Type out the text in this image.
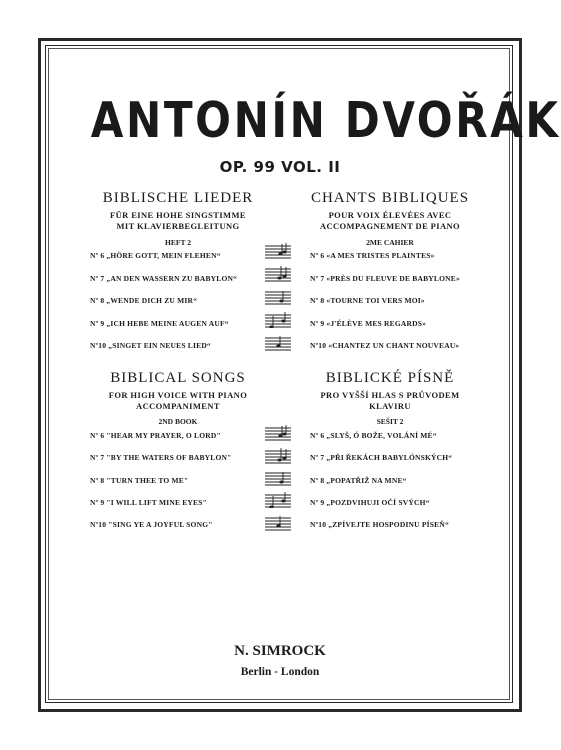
ANTONÍN DVOŘÁK
OP. 99 VOL. II
BIBLISCHE LIEDER
FÜR EINE HOHE SINGSTIMME
MIT KLAVIERBEGLEITUNG
HEFT 2
Nº 6 „HÖRE GOTT, MEIN FLEHEN“
Nº 7 „AN DEN WASSERN ZU BABYLON“
Nº 8 „WENDE DICH ZU MIR“
Nº 9 „ICH HEBE MEINE AUGEN AUF“
Nº10 „SINGET EIN NEUES LIED“
CHANTS BIBLIQUES
POUR VOIX ÉLEVÉES AVEC
ACCOMPAGNEMENT DE PIANO
2ME CAHIER
Nº 6 «A MES TRISTES PLAINTES»
Nº 7 «PRÈS DU FLEUVE DE BABYLONE»
Nº 8 «TOURNE TOI VERS MOI»
Nº 9 «J'ÉLÈVE MES REGARDS»
Nº10 «CHANTEZ UN CHANT NOUVEAU»
BIBLICAL SONGS
FOR HIGH VOICE WITH PIANO
ACCOMPANIMENT
2ND BOOK
Nº 6 "HEAR MY PRAYER, O LORD"
Nº 7 "BY THE WATERS OF BABYLON"
Nº 8 "TURN THEE TO ME"
Nº 9 "I WILL LIFT MINE EYES"
Nº10 "SING YE A JOYFUL SONG"
BIBLICKÉ PÍSNĚ
PRO VYŠŠÍ HLAS S PRŮVODEM
KLAVIRU
SEŠIT 2
Nº 6 „SLYŠ, Ó BOŽE, VOLÁNÍ MÉ“
Nº 7 „PŘI ŘEKÁCH BABYLÓNSKÝCH“
Nº 8 „POPATŘIŽ NA MNE“
Nº 9 „POZDVIHUJI OČÍ SVÝCH“
Nº10 „ZPÍVEJTE HOSPODINU PÍSEŇ“
N. SIMROCK
Berlin - London
